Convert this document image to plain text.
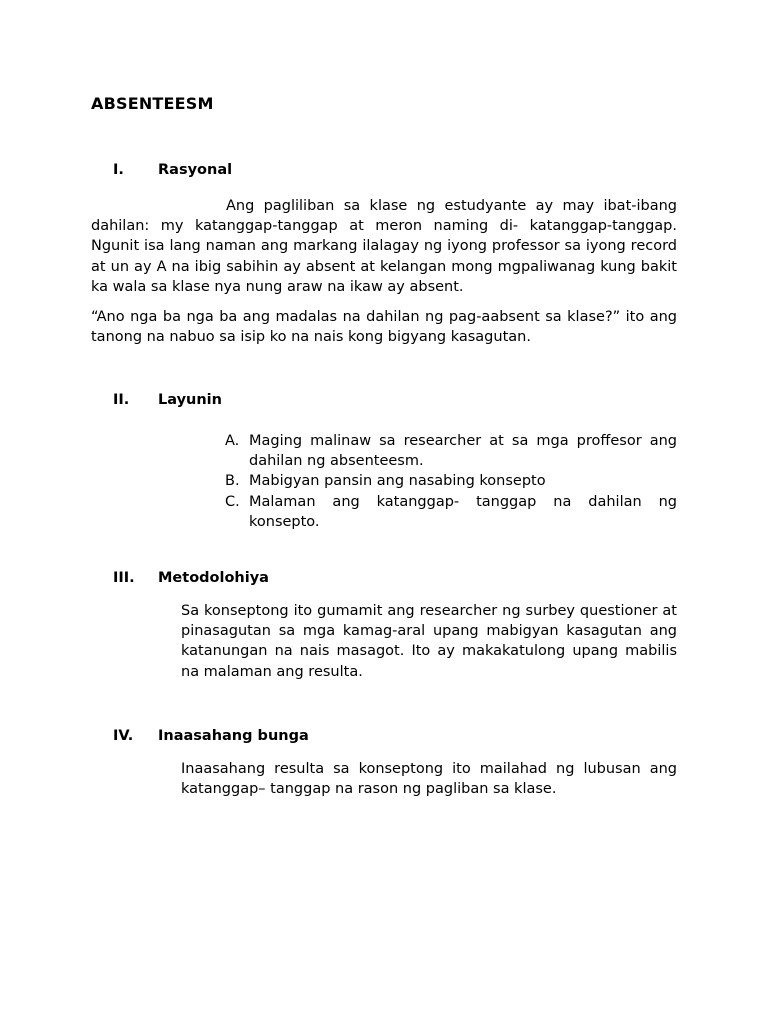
ABSENTEESM
I. Rasyonal

Ang pagliliban sa klase ng estudyante ay may ibat-ibang dahilan: my katanggap-tanggap at meron naming di- katanggap-tanggap. Ngunit isa lang naman ang markang ilalagay ng iyong professor sa iyong record at un ay A na ibig sabihin ay absent at kelangan mong mgpaliwanag kung bakit ka wala sa klase nya nung araw na ikaw ay absent.

“Ano nga ba nga ba ang madalas na dahilan ng pag-aabsent sa klase?” ito ang tanong na nabuo sa isip ko na nais kong bigyang kasagutan.

II. Layunin
A. Maging malinaw sa researcher at sa mga proffesor ang dahilan ng absenteesm.
B. Mabigyan pansin ang nasabing konsepto
C. Malaman ang katanggap- tanggap na dahilan ng konsepto.
III. Metodolohiya

Sa konseptong ito gumamit ang researcher ng surbey questioner at pinasagutan sa mga kamag-aral upang mabigyan kasagutan ang katanungan na nais masagot. Ito ay makakatulong upang mabilis na malaman ang resulta.

IV. Inaasahang bunga

Inaasahang resulta sa konseptong ito mailahad ng lubusan ang katanggap– tanggap na rason ng pagliban sa klase.
